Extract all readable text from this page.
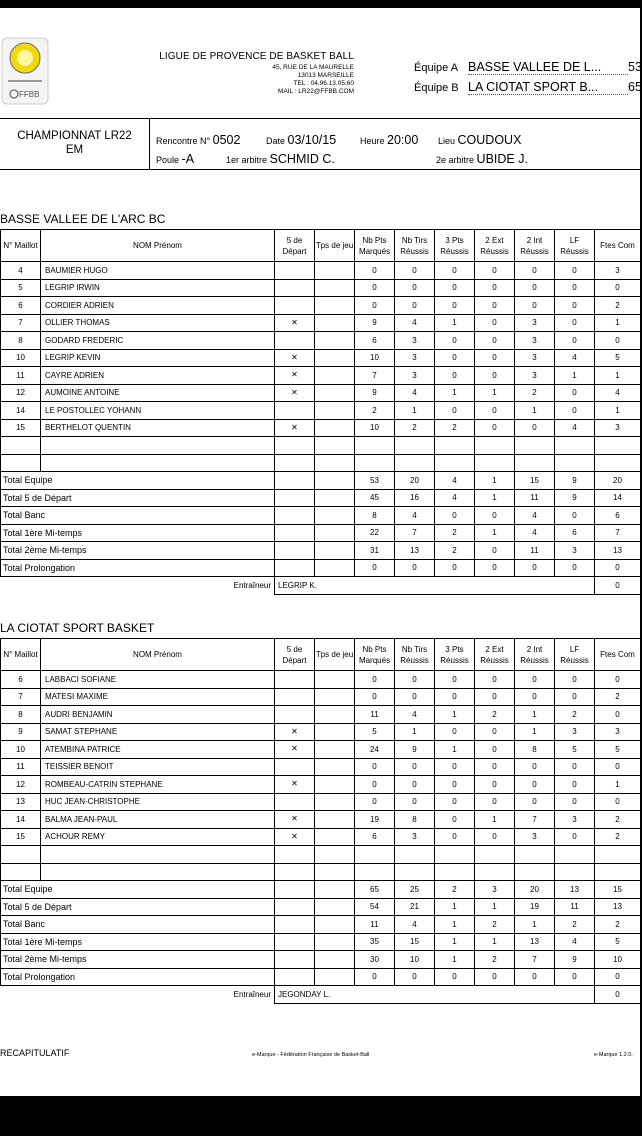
FFBB
LIGUE DE PROVENCE DE BASKET BALL
45, RUE DE LA MAURELLE
13013 MARSEILLE
TEL : 04.96.13.05.60
MAIL : LR22@FFBB.COM
Équipe A BASSE VALLEE DE L...	53
Équipe B LA CIOTAT SPORT B...	65
CHAMPIONNAT LR22
EM
Rencontre N° 0502	Date 03/10/15	Heure 20:00 Lieu COUDOUX
Poule -A	1er arbitre SCHMID C.	2e arbitre UBIDE J.
BASSE VALLEE DE L'ARC BC
N° Maillot	NOM Prénom	5 de Départ	Tps de jeu	Nb Pts Marqués	Nb Tirs Réussis	3 Pts Réussis	2 Ext Réussis	2 Int Réussis	LF Réussis	Ftes Com
4	BAUMIER HUGO			0	0	0	0	0	0	3
5	LEGRIP IRWIN			0	0	0	0	0	0	0
6	CORDIER ADRIEN			0	0	0	0	0	0	2
7	OLLIER THOMAS	✕		9	4	1	0	3	0	1
8	GODARD FREDERIC			6	3	0	0	3	0	0
10	LEGRIP KEVIN	✕		10	3	0	0	3	4	5
11	CAYRE ADRIEN	✕		7	3	0	0	3	1	1
12	AUMOINE ANTOINE	✕		9	4	1	1	2	0	4
14	LE POSTOLLEC YOHANN			2	1	0	0	1	0	1
15	BERTHELOT QUENTIN	✕		10	2	2	0	0	4	3

Total Equipe				53	20	4	1	15	9	20
Total 5 de Départ				45	16	4	1	11	9	14
Total Banc				8	4	0	0	4	0	6
Total 1ère Mi-temps				22	7	2	1	4	6	7
Total 2ème Mi-temps				31	13	2	0	11	3	13
Total Prolongation				0	0	0	0	0	0	0
Entraîneur		LEGRIP K.								0
LA CIOTAT SPORT BASKET
N° Maillot	NOM Prénom	5 de Départ	Tps de jeu	Nb Pts Marqués	Nb Tirs Réussis	3 Pts Réussis	2 Ext Réussis	2 Int Réussis	LF Réussis	Ftes Com
6	LABBACI SOFIANE			0	0	0	0	0	0	0
7	MATESI MAXIME			0	0	0	0	0	0	2
8	AUDRI BENJAMIN			11	4	1	2	1	2	0
9	SAMAT STEPHANE	✕		5	1	0	0	1	3	3
10	ATEMBINA PATRICE	✕		24	9	1	0	8	5	5
11	TEISSIER BENOIT			0	0	0	0	0	0	0
12	ROMBEAU-CATRIN STEPHANE	✕		0	0	0	0	0	0	1
13	HUC JEAN-CHRISTOPHE			0	0	0	0	0	0	0
14	BALMA JEAN-PAUL	✕		19	8	0	1	7	3	2
15	ACHOUR REMY	✕		6	3	0	0	3	0	2

Total Equipe				65	25	2	3	20	13	15
Total 5 de Départ				54	21	1	1	19	11	13
Total Banc				11	4	1	2	1	2	2
Total 1ère Mi-temps				35	15	1	1	13	4	5
Total 2ème Mi-temps				30	10	1	2	7	9	10
Total Prolongation				0	0	0	0	0	0	0
Entraîneur		JEGONDAY L.								0
RECAPITULATIF	e-Marque - Fédération Française de Basket-Ball	e-Marque 1.2.0.
